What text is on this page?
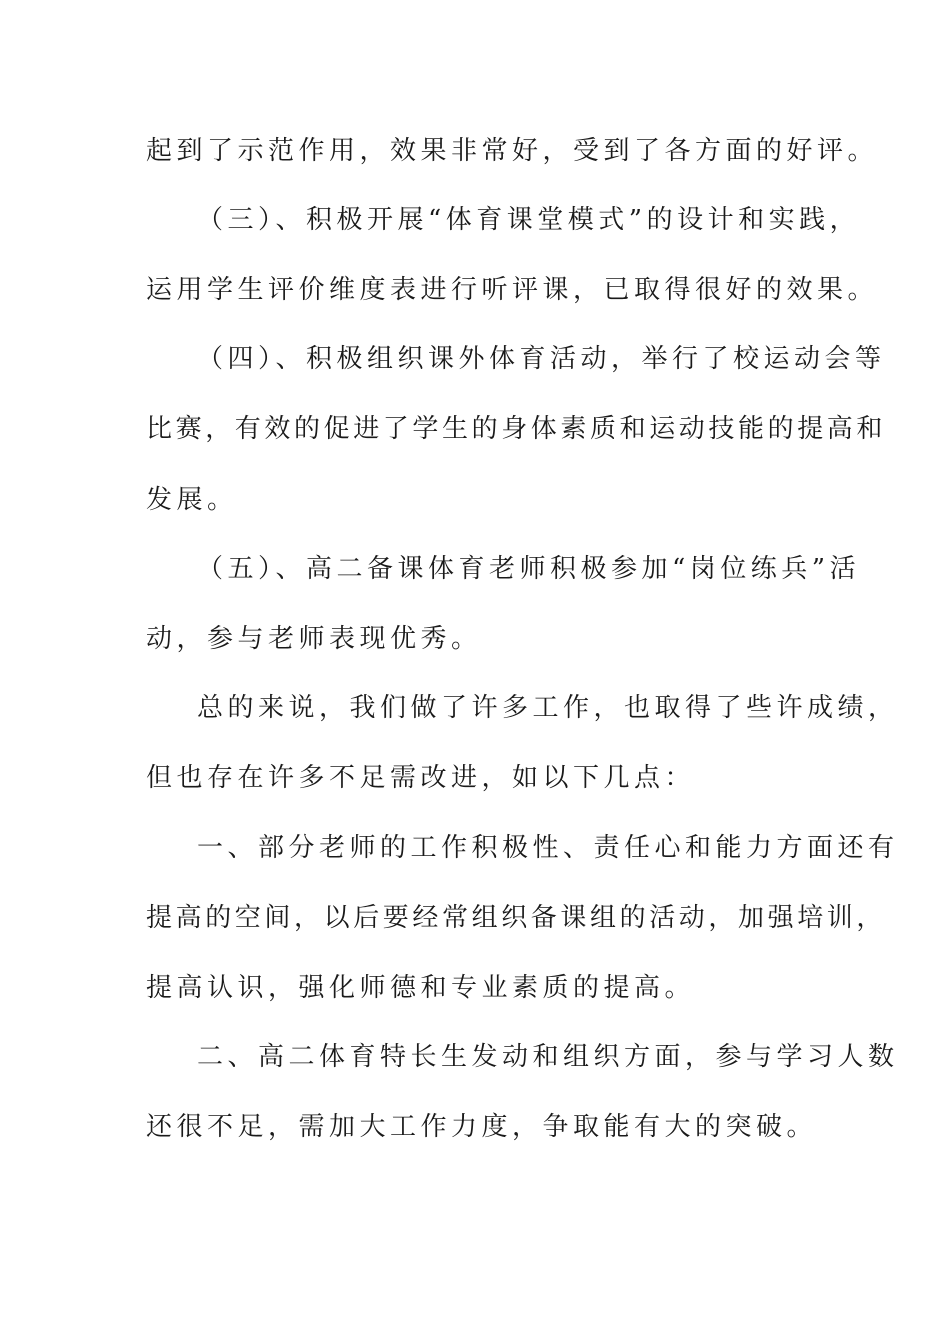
起到了示范作用，效果非常好，受到了各方面的好评。
（三）、积极开展“体育课堂模式”的设计和实践，
运用学生评价维度表进行听评课，已取得很好的效果。
（四）、积极组织课外体育活动，举行了校运动会等
比赛，有效的促进了学生的身体素质和运动技能的提高和
发展。
（五）、高二备课体育老师积极参加“岗位练兵”活
动，参与老师表现优秀。
总的来说，我们做了许多工作，也取得了些许成绩，
但也存在许多不足需改进，如以下几点：
一、部分老师的工作积极性、责任心和能力方面还有
提高的空间，以后要经常组织备课组的活动，加强培训，
提高认识，强化师德和专业素质的提高。
二、高二体育特长生发动和组织方面，参与学习人数
还很不足，需加大工作力度，争取能有大的突破。
